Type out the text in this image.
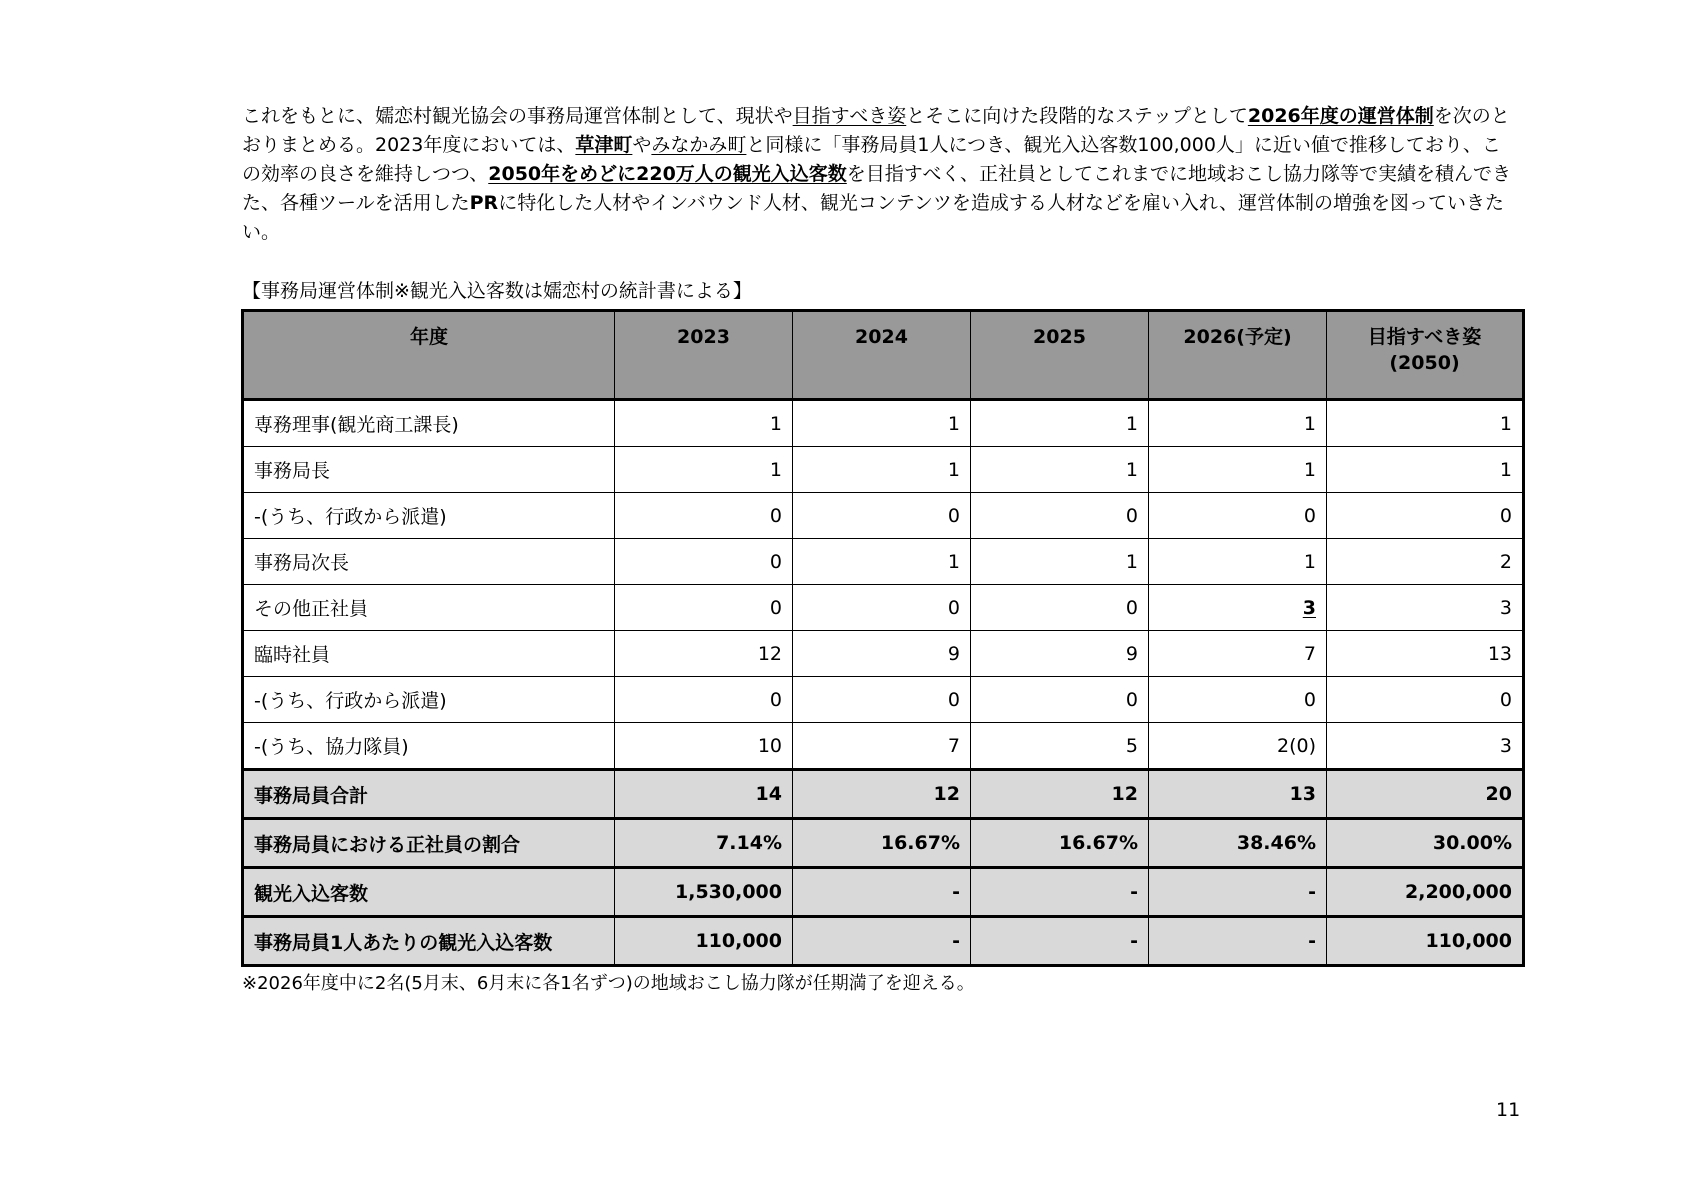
これをもとに、嬬恋村観光協会の事務局運営体制として、現状や目指すべき姿とそこに向けた段階的なステップとして2026年度の運営体制を次のとおりまとめる。2023年度においては、草津町やみなかみ町と同様に「事務局員1人につき、観光入込客数100,000人」に近い値で推移しており、この効率の良さを維持しつつ、2050年をめどに220万人の観光入込客数を目指すべく、正社員としてこれまでに地域おこし協力隊等で実績を積んできた、各種ツールを活用したPRに特化した人材やインバウンド人材、観光コンテンツを造成する人材などを雇い入れ、運営体制の増強を図っていきたい。
【事務局運営体制※観光入込客数は嬬恋村の統計書による】
年度	2023	2024	2025	2026(予定)	目指すべき姿
(2050)

専務理事(観光商工課長)	1	1	1	1	1
事務局長	1	1	1	1	1
-(うち、行政から派遣)	0	0	0	0	0
事務局次長	0	1	1	1	2
その他正社員	0	0	0	3	3
臨時社員	12	9	9	7	13
-(うち、行政から派遣)	0	0	0	0	0
-(うち、協力隊員)	10	7	5	2(0)	3
事務局員合計	14	12	12	13	20
事務局員における正社員の割合	7.14%	16.67%	16.67%	38.46%	30.00%
観光入込客数	1,530,000	-	-	-	2,200,000
事務局員1人あたりの観光入込客数	110,000	-	-	-	110,000
※2026年度中に2名(5月末、6月末に各1名ずつ)の地域おこし協力隊が任期満了を迎える。
11
